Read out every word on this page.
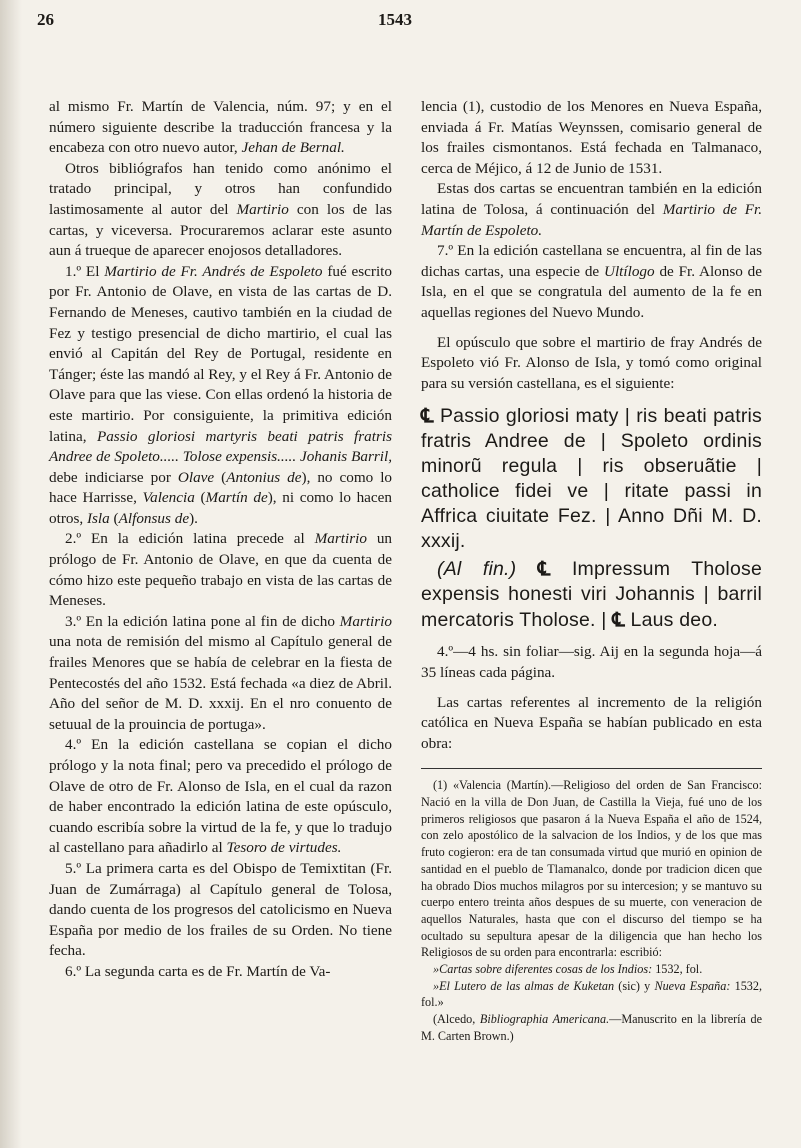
26	1543

al mismo Fr. Martín de Valencia, núm. 97; y en el número siguiente describe la traducción francesa y la encabeza con otro nuevo autor, Jehan de Bernal.

Otros bibliógrafos han tenido como anónimo el tratado principal, y otros han confundido lastimosamente al autor del Martirio con los de las cartas, y viceversa. Procuraremos aclarar este asunto aun á trueque de aparecer enojosos detalladores.

1.º El Martirio de Fr. Andrés de Espoleto fué escrito por Fr. Antonio de Olave, en vista de las cartas de D. Fernando de Meneses, cautivo también en la ciudad de Fez y testigo presencial de dicho martirio, el cual las envió al Capitán del Rey de Portugal, residente en Tánger; éste las mandó al Rey, y el Rey á Fr. Antonio de Olave para que las viese. Con ellas ordenó la historia de este martirio. Por consiguiente, la primitiva edición latina, Passio gloriosi martyris beati patris fratris Andree de Spoleto..... Tolose expensis..... Johanis Barril, debe indiciarse por Olave (Antonius de), no como lo hace Harrisse, Valencia (Martín de), ni como lo hacen otros, Isla (Alfonsus de).

2.º En la edición latina precede al Martirio un prólogo de Fr. Antonio de Olave, en que da cuenta de cómo hizo este pequeño trabajo en vista de las cartas de Meneses.

3.º En la edición latina pone al fin de dicho Martirio una nota de remisión del mismo al Capítulo general de frailes Menores que se había de celebrar en la fiesta de Pentecostés del año 1532. Está fechada «a diez de Abril. Año del señor de M. D. xxxij. En el nro conuento de setuual de la prouincia de portuga».

4.º En la edición castellana se copian el dicho prólogo y la nota final; pero va precedido el prólogo de Olave de otro de Fr. Alonso de Isla, en el cual da razon de haber encontrado la edición latina de este opúsculo, cuando escribía sobre la virtud de la fe, y que lo tradujo al castellano para añadirlo al Tesoro de virtudes.

5.º La primera carta es del Obispo de Temixtitan (Fr. Juan de Zumárraga) al Capítulo general de Tolosa, dando cuenta de los progresos del catolicismo en Nueva España por medio de los frailes de su Orden. No tiene fecha.

6.º La segunda carta es de Fr. Martín de Va-

lencia (1), custodio de los Menores en Nueva España, enviada á Fr. Matías Weynssen, comisario general de los frailes cismontanos. Está fechada en Talmanaco, cerca de Méjico, á 12 de Junio de 1531.

Estas dos cartas se encuentran también en la edición latina de Tolosa, á continuación del Martirio de Fr. Martín de Espoleto.

7.º En la edición castellana se encuentra, al fin de las dichas cartas, una especie de Ultílogo de Fr. Alonso de Isla, en el que se congratula del aumento de la fe en aquellas regiones del Nuevo Mundo.

El opúsculo que sobre el martirio de fray Andrés de Espoleto vió Fr. Alonso de Isla, y tomó como original para su versión castellana, es el siguiente:

℄ Passio gloriosi maty | ris beati patris fratris Andree de | Spoleto ordinis minorũ regula | ris obseruãtie | catholice fidei ve | ritate passi in Affrica ciuitate Fez. | Anno Dñi M. D. xxxij.

(Al fin.) ℄ Impressum Tholose expensis honesti viri Johannis | barril mercatoris Tholose. | ℄ Laus deo.

4.º—4 hs. sin foliar—sig. Aij en la segunda hoja—á 35 líneas cada página.

Las cartas referentes al incremento de la religión católica en Nueva España se habían publicado en esta obra:

(1) «Valencia (Martín).—Religioso del orden de San Francisco: Nació en la villa de Don Juan, de Castilla la Vieja, fué uno de los primeros religiosos que pasaron á la Nueva España el año de 1524, con zelo apostólico de la salvacion de los Indios, y de los que mas fruto cogieron: era de tan consumada virtud que murió en opinion de santidad en el pueblo de Tlamanalco, donde por tradicion dicen que ha obrado Dios muchos milagros por su intercesion; y se mantuvo su cuerpo entero treinta años despues de su muerte, con veneracion de aquellos Naturales, hasta que con el discurso del tiempo se ha ocultado su sepultura apesar de la diligencia que han hecho los Religiosos de su orden para encontrarla: escribió:

»Cartas sobre diferentes cosas de los Indios: 1532, fol.

»El Lutero de las almas de Kuketan (sic) y Nueva España: 1532, fol.»

(Alcedo, Bibliographia Americana.—Manuscrito en la librería de M. Carten Brown.)
